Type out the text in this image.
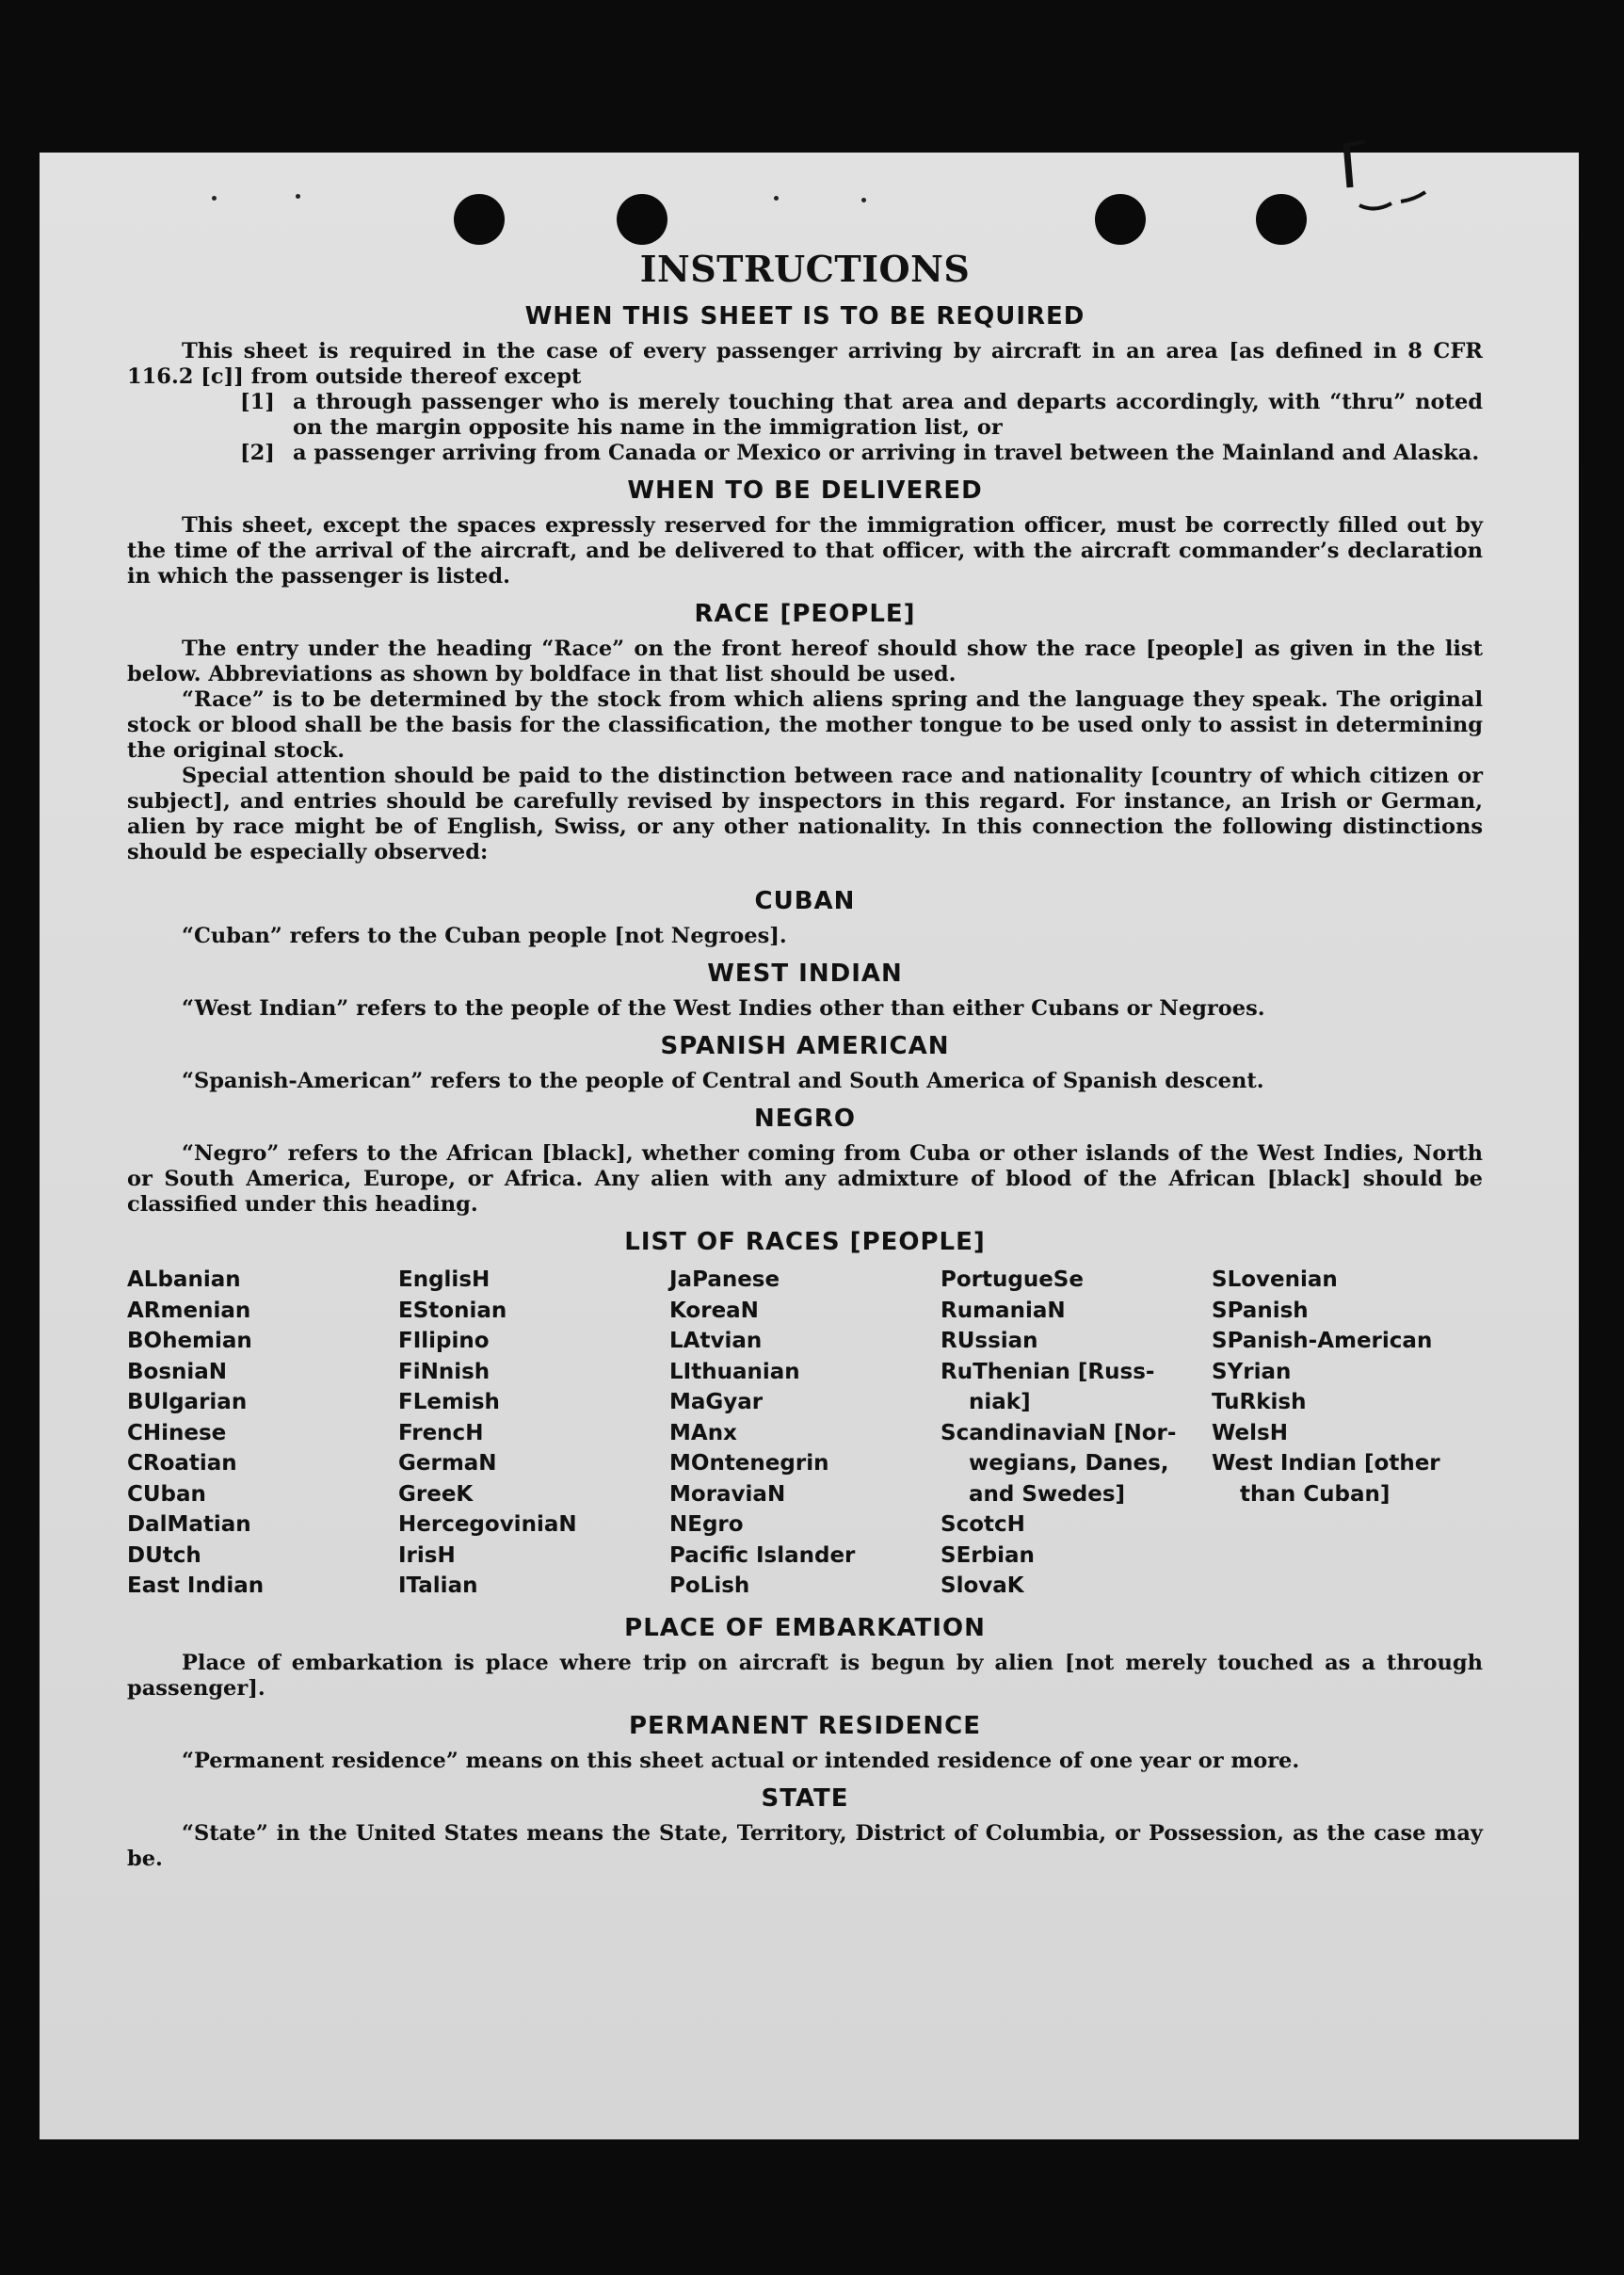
INSTRUCTIONS
WHEN THIS SHEET IS TO BE REQUIRED

This sheet is required in the case of every passenger arriving by aircraft in an area [as defined in 8 CFR 116.2 [c]] from outside thereof except

[1] a through passenger who is merely touching that area and departs accordingly, with “thru” noted on the margin opposite his name in the immigration list, or
[2] a passenger arriving from Canada or Mexico or arriving in travel between the Mainland and Alaska.
WHEN TO BE DELIVERED

This sheet, except the spaces expressly reserved for the immigration officer, must be correctly filled out by the time of the arrival of the aircraft, and be delivered to that officer, with the aircraft commander’s declaration in which the passenger is listed.

RACE [PEOPLE]

The entry under the heading “Race” on the front hereof should show the race [people] as given in the list below. Abbreviations as shown by boldface in that list should be used.

“Race” is to be determined by the stock from which aliens spring and the language they speak. The original stock or blood shall be the basis for the classification, the mother tongue to be used only to assist in determining the original stock.

Special attention should be paid to the distinction between race and nationality [country of which citizen or subject], and entries should be carefully revised by inspectors in this regard. For instance, an Irish or German, alien by race might be of English, Swiss, or any other nationality. In this connection the following distinctions should be especially observed:

CUBAN

“Cuban” refers to the Cuban people [not Negroes].

WEST INDIAN

“West Indian” refers to the people of the West Indies other than either Cubans or Negroes.

SPANISH AMERICAN

“Spanish-American” refers to the people of Central and South America of Spanish descent.

NEGRO

“Negro” refers to the African [black], whether coming from Cuba or other islands of the West Indies, North or South America, Europe, or Africa. Any alien with any admixture of blood of the African [black] should be classified under this heading.

LIST OF RACES [PEOPLE]
ALbanian
ARmenian
BOhemian
BosniaN
BUlgarian
CHinese
CRoatian
CUban
DalMatian
DUtch
East Indian
EnglisH
EStonian
FIlipino
FiNnish
FLemish
FrencH
GermaN
GreeK
HercegovinіaN
IrisH
ITalian
JaPanese
KoreaN
LAtvian
LIthuanian
MaGyar
MAnx
MOntenegrin
MoraviaN
NEgro
Pacific Islander
PoLish
PortugueSe
RumaniaN
RUssian
RuThenian [Russ-
niak]
ScandinaviaN [Nor-
wegians, Danes,
and Swedes]
ScotcH
SErbian
SlovaK
SLovenian
SPanish
SPanish-American
SYrian
TuRkish
WelsH
West Indian [other
than Cuban]
PLACE OF EMBARKATION

Place of embarkation is place where trip on aircraft is begun by alien [not merely touched as a through passenger].

PERMANENT RESIDENCE

“Permanent residence” means on this sheet actual or intended residence of one year or more.

STATE

“State” in the United States means the State, Territory, District of Columbia, or Possession, as the case may be.
